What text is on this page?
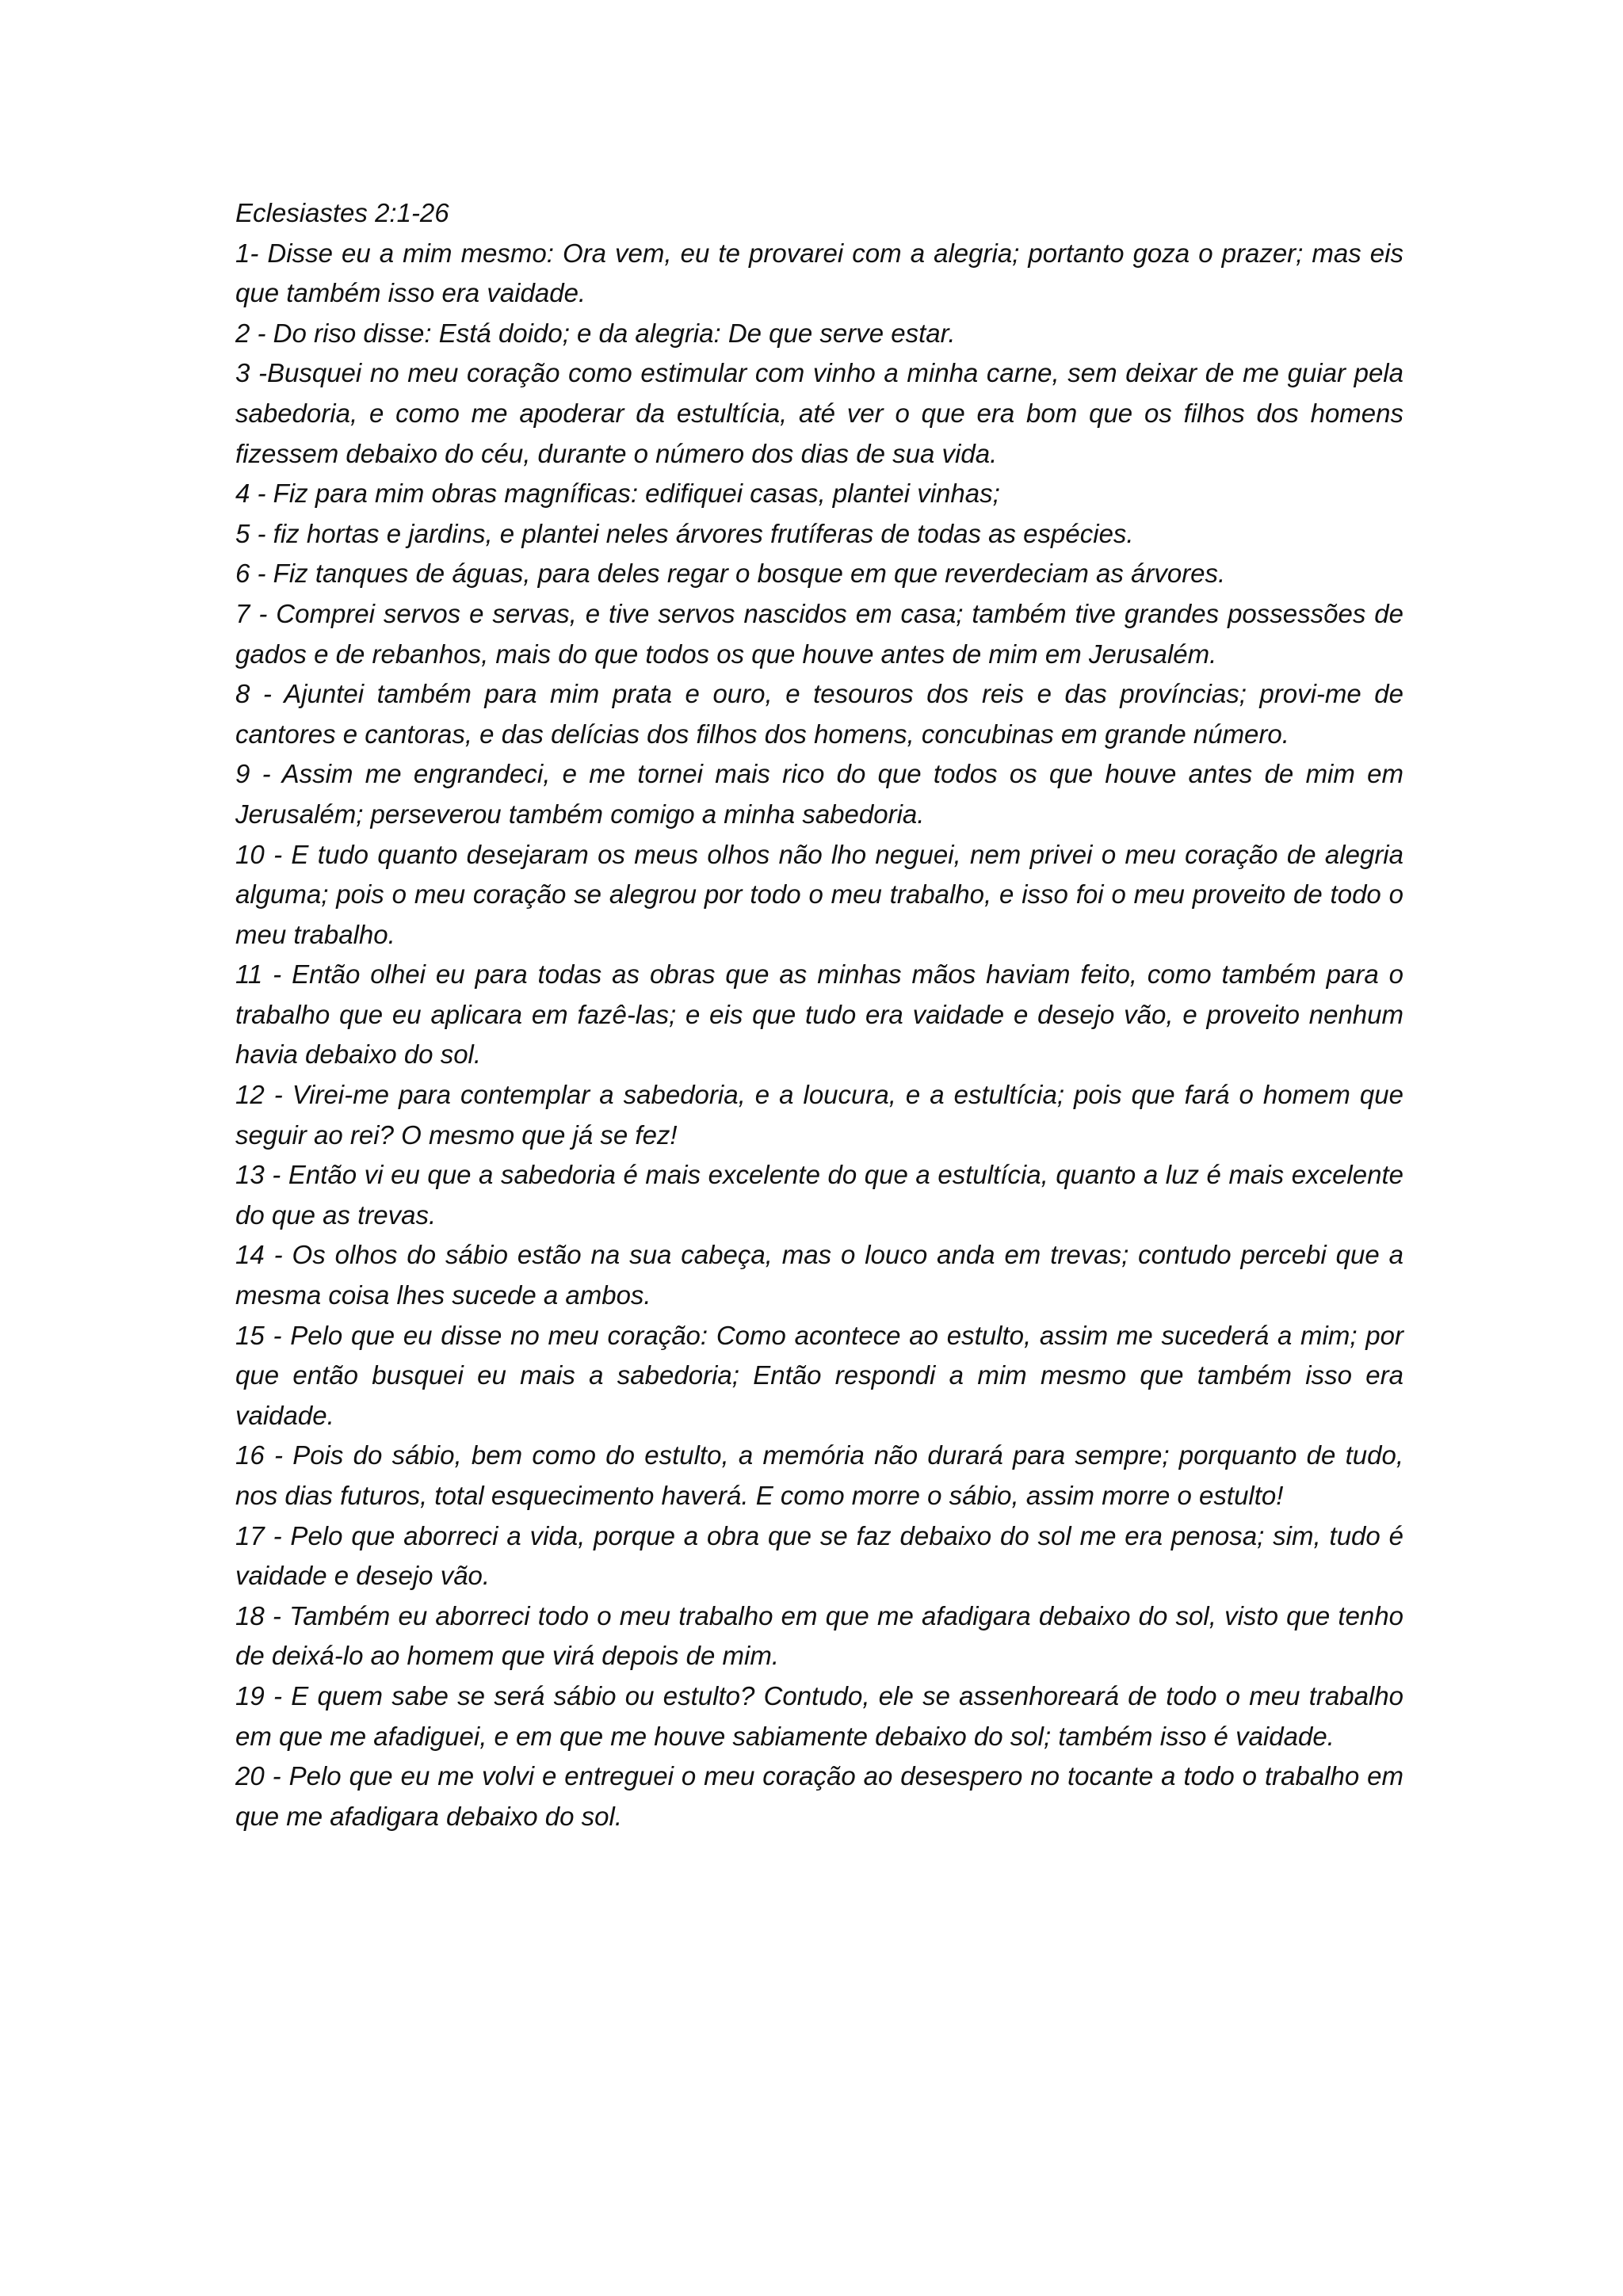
Eclesiastes 2:1-26

1- Disse eu a mim mesmo: Ora vem, eu te provarei com a alegria; portanto goza o prazer; mas eis que também isso era vaidade.

2 - Do riso disse: Está doido; e da alegria: De que serve estar.

3 -Busquei no meu coração como estimular com vinho a minha carne, sem deixar de me guiar pela sabedoria, e como me apoderar da estultícia, até ver o que era bom que os filhos dos homens fizessem debaixo do céu, durante o número dos dias de sua vida.

4 - Fiz para mim obras magníficas: edifiquei casas, plantei vinhas;

5 - fiz hortas e jardins, e plantei neles árvores frutíferas de todas as espécies.

6 - Fiz tanques de águas, para deles regar o bosque em que reverdeciam as árvores.

7 - Comprei servos e servas, e tive servos nascidos em casa; também tive grandes possessões de gados e de rebanhos, mais do que todos os que houve antes de mim em Jerusalém.

8 - Ajuntei também para mim prata e ouro, e tesouros dos reis e das províncias; provi-me de cantores e cantoras, e das delícias dos filhos dos homens, concubinas em grande número.

9 - Assim me engrandeci, e me tornei mais rico do que todos os que houve antes de mim em Jerusalém; perseverou também comigo a minha sabedoria.

10 - E tudo quanto desejaram os meus olhos não lho neguei, nem privei o meu coração de alegria alguma; pois o meu coração se alegrou por todo o meu trabalho, e isso foi o meu proveito de todo o meu trabalho.

11 - Então olhei eu para todas as obras que as minhas mãos haviam feito, como também para o trabalho que eu aplicara em fazê-las; e eis que tudo era vaidade e desejo vão, e proveito nenhum havia debaixo do sol.

12 - Virei-me para contemplar a sabedoria, e a loucura, e a estultícia; pois que fará o homem que seguir ao rei? O mesmo que já se fez!

13 - Então vi eu que a sabedoria é mais excelente do que a estultícia, quanto a luz é mais excelente do que as trevas.

14 - Os olhos do sábio estão na sua cabeça, mas o louco anda em trevas; contudo percebi que a mesma coisa lhes sucede a ambos.

15 - Pelo que eu disse no meu coração: Como acontece ao estulto, assim me sucederá a mim; por que então busquei eu mais a sabedoria; Então respondi a mim mesmo que também isso era vaidade.

16 - Pois do sábio, bem como do estulto, a memória não durará para sempre; porquanto de tudo, nos dias futuros, total esquecimento haverá. E como morre o sábio, assim morre o estulto!

17 - Pelo que aborreci a vida, porque a obra que se faz debaixo do sol me era penosa; sim, tudo é vaidade e desejo vão.

18 - Também eu aborreci todo o meu trabalho em que me afadigara debaixo do sol, visto que tenho de deixá-lo ao homem que virá depois de mim.

19 - E quem sabe se será sábio ou estulto? Contudo, ele se assenhoreará de todo o meu trabalho em que me afadiguei, e em que me houve sabiamente debaixo do sol; também isso é vaidade.

20 - Pelo que eu me volvi e entreguei o meu coração ao desespero no tocante a todo o trabalho em que me afadigara debaixo do sol.
